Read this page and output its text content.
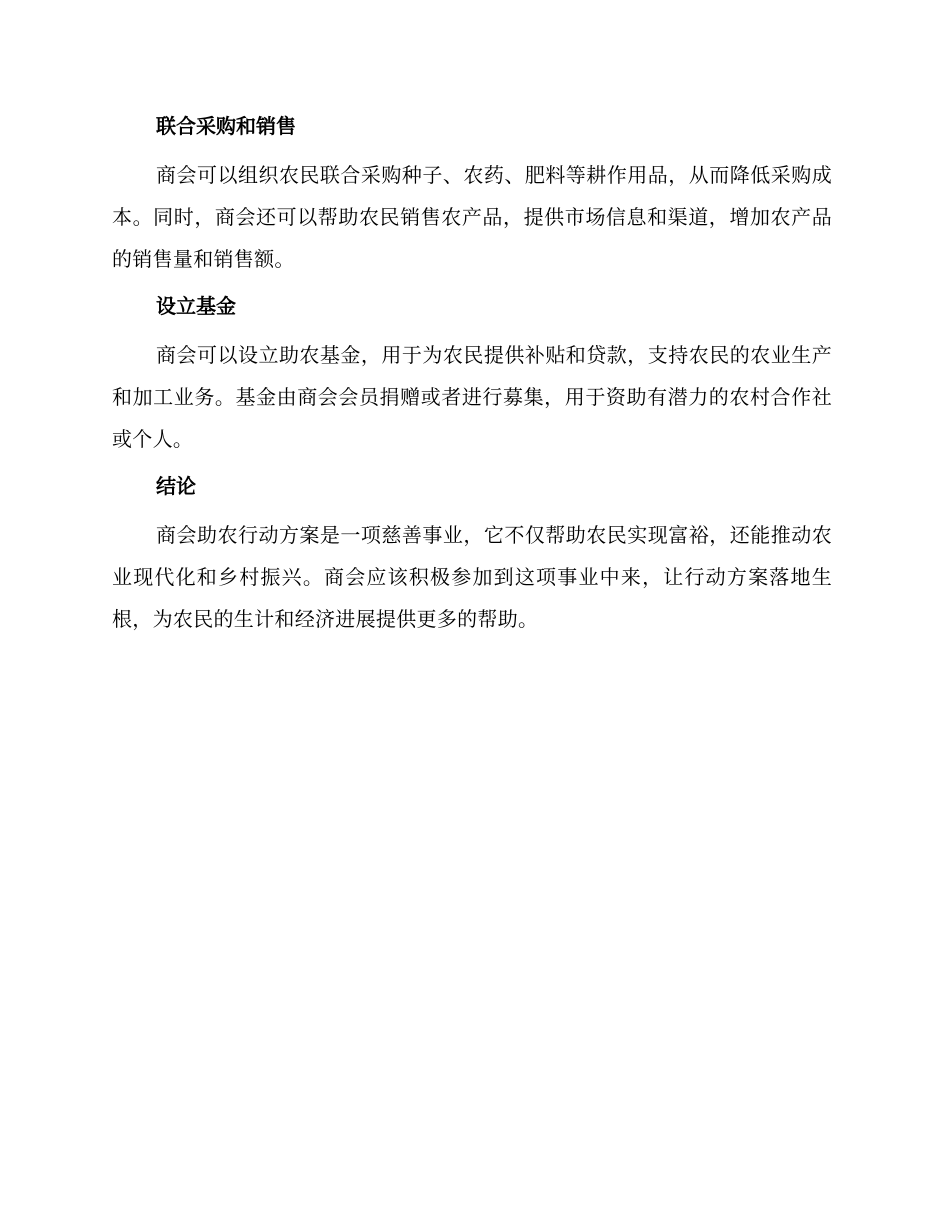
联合采购和销售

商会可以组织农民联合采购种子、农药、肥料等耕作用品，从而降低采购成本。同时，商会还可以帮助农民销售农产品，提供市场信息和渠道，增加农产品的销售量和销售额。

设立基金

商会可以设立助农基金，用于为农民提供补贴和贷款，支持农民的农业生产和加工业务。基金由商会会员捐赠或者进行募集，用于资助有潜力的农村合作社或个人。

结论

商会助农行动方案是一项慈善事业，它不仅帮助农民实现富裕，还能推动农业现代化和乡村振兴。商会应该积极参加到这项事业中来，让行动方案落地生根，为农民的生计和经济进展提供更多的帮助。
